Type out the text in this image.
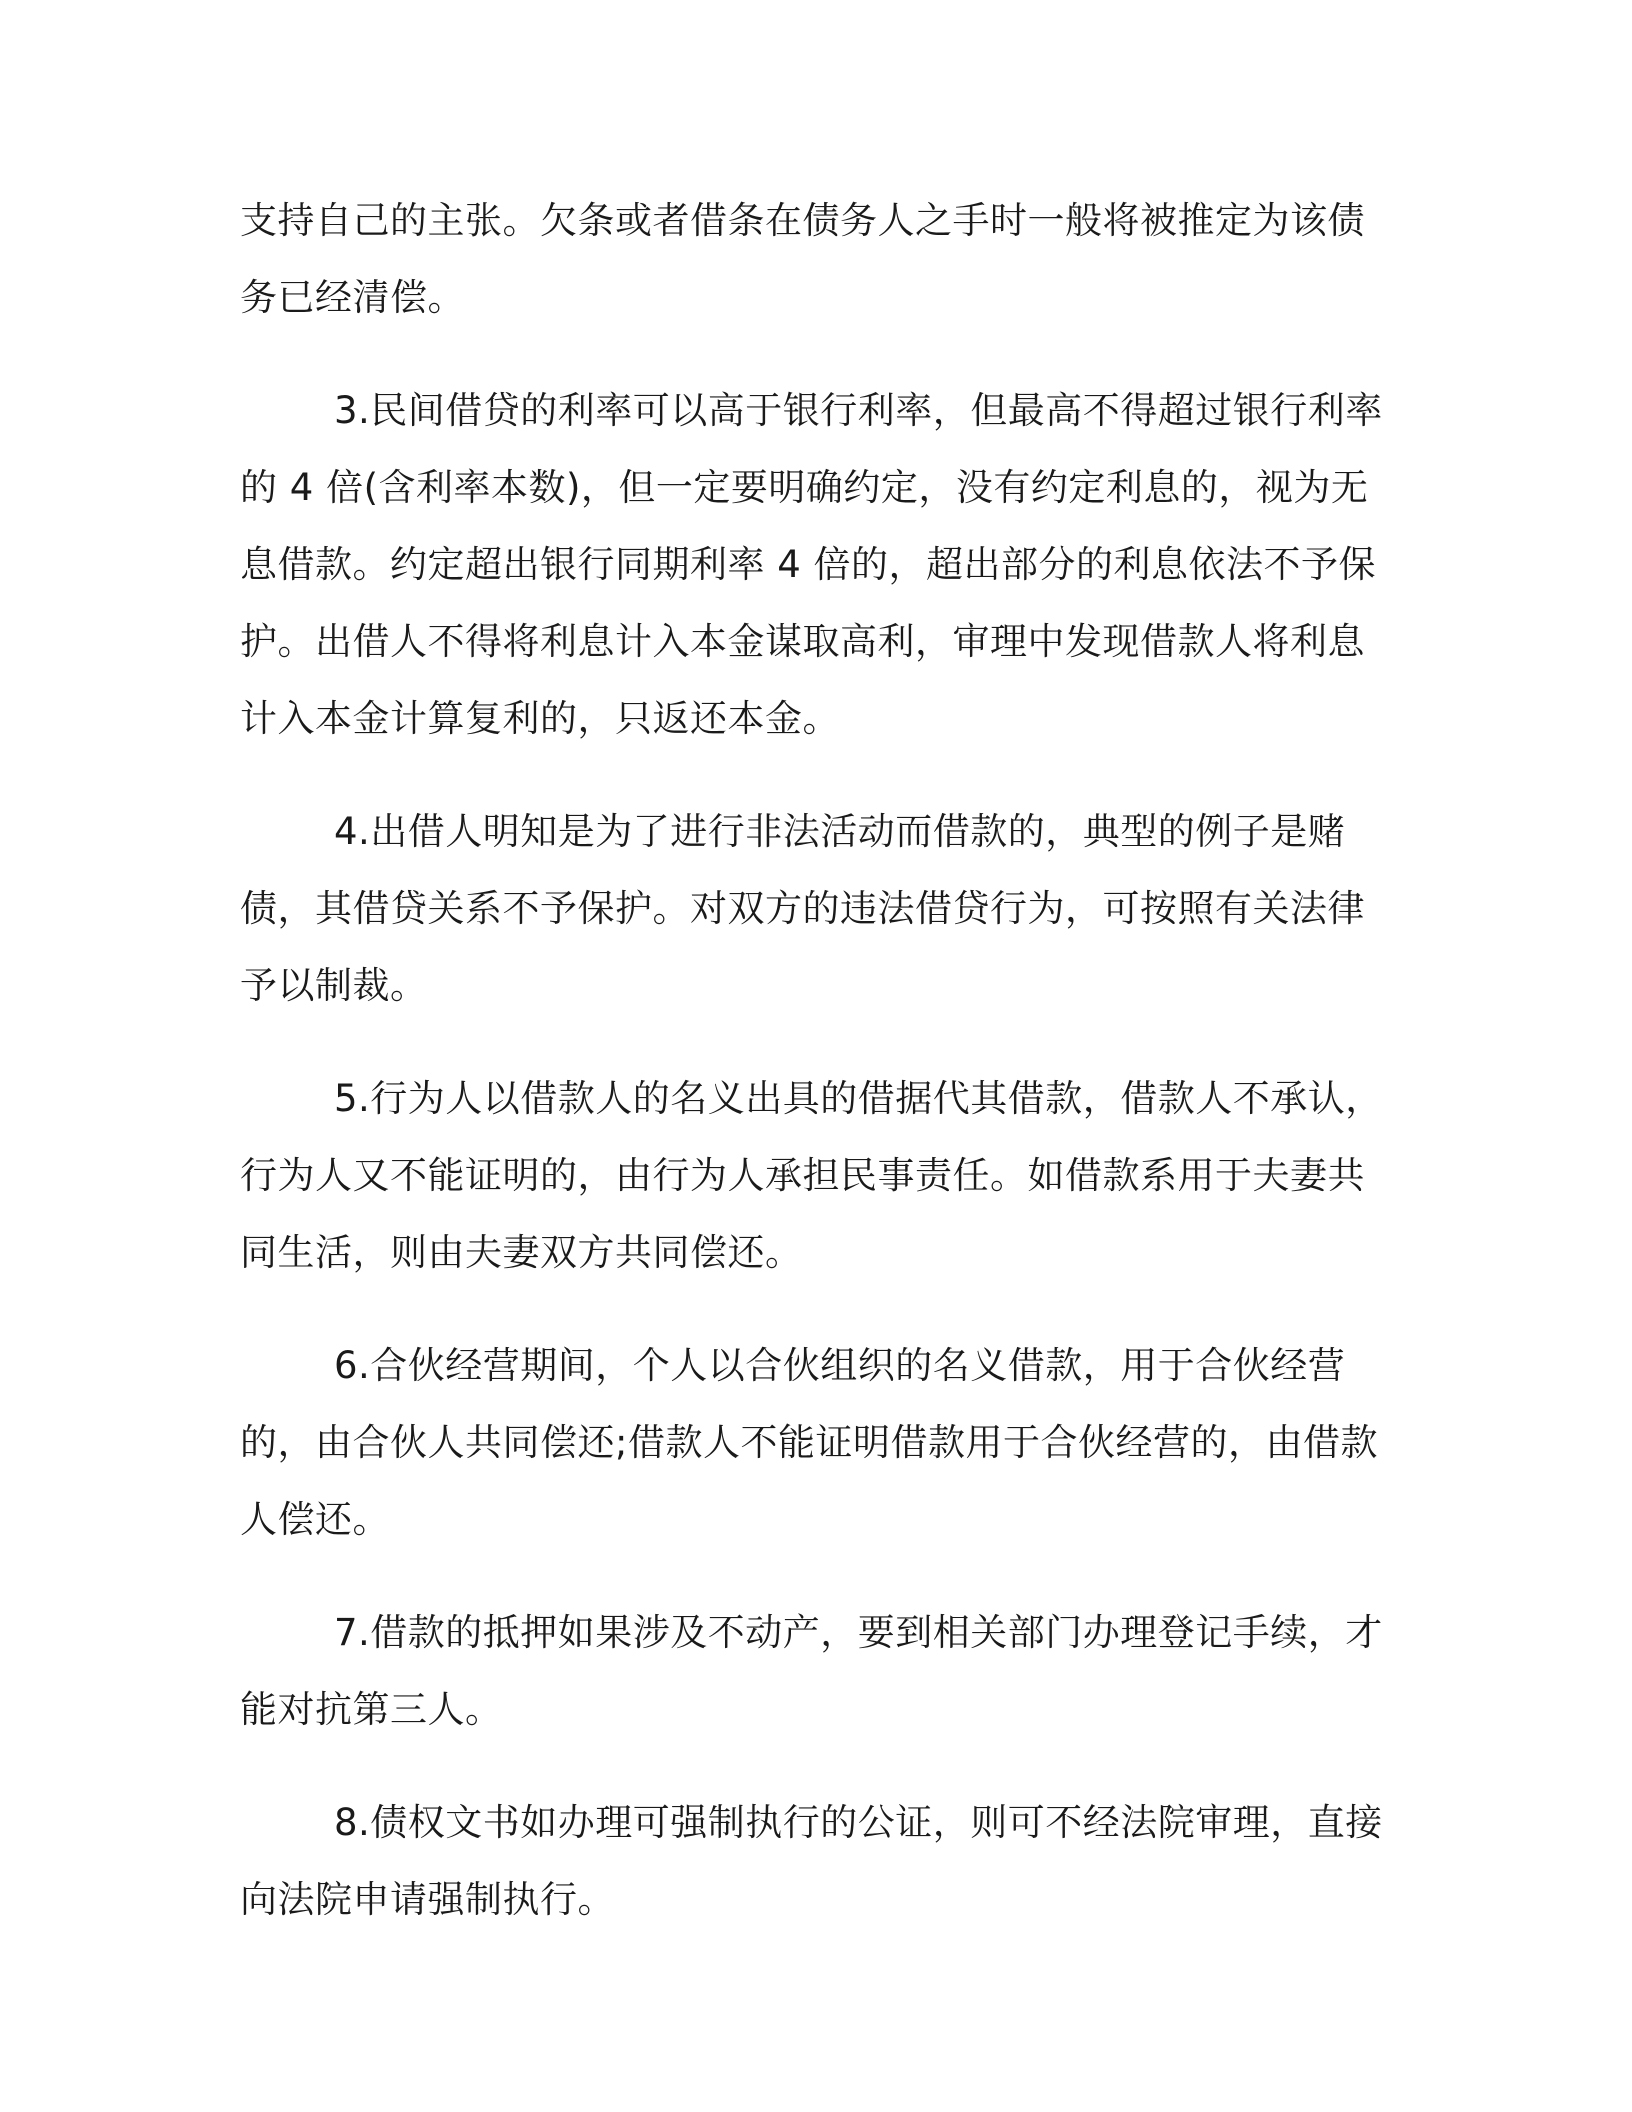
支持自己的主张。欠条或者借条在债务人之手时一般将被推定为该债务已经清偿。

3.民间借贷的利率可以高于银行利率，但最高不得超过银行利率的 4 倍(含利率本数)，但一定要明确约定，没有约定利息的，视为无息借款。约定超出银行同期利率 4 倍的，超出部分的利息依法不予保护。出借人不得将利息计入本金谋取高利，审理中发现借款人将利息计入本金计算复利的，只返还本金。

4.出借人明知是为了进行非法活动而借款的，典型的例子是赌债，其借贷关系不予保护。对双方的违法借贷行为，可按照有关法律予以制裁。

5.行为人以借款人的名义出具的借据代其借款，借款人不承认，行为人又不能证明的，由行为人承担民事责任。如借款系用于夫妻共同生活，则由夫妻双方共同偿还。

6.合伙经营期间，个人以合伙组织的名义借款，用于合伙经营的，由合伙人共同偿还;借款人不能证明借款用于合伙经营的，由借款人偿还。

7.借款的抵押如果涉及不动产，要到相关部门办理登记手续，才能对抗第三人。

8.债权文书如办理可强制执行的公证，则可不经法院审理，直接向法院申请强制执行。
